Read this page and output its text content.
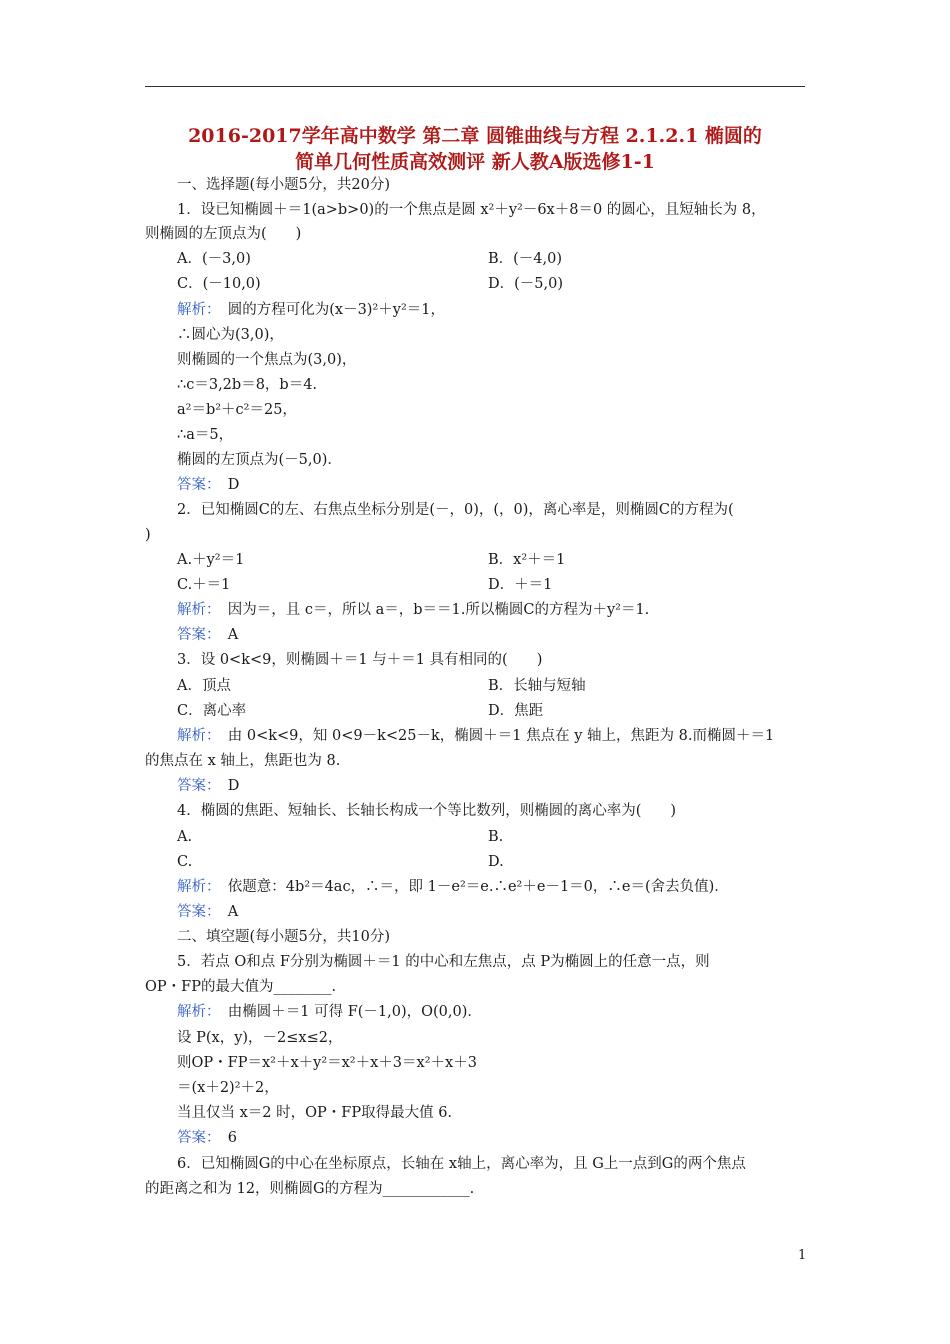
2016-2017学年高中数学 第二章 圆锥曲线与方程 2.1.2.1 椭圆的
简单几何性质高效测评 新人教A版选修1-1
一、选择题(每小题5分，共20分)
1．设已知椭圆＋＝1(a>b>0)的一个焦点是圆 x²＋y²－6x＋8＝0 的圆心，且短轴长为 8，
则椭圆的左顶点为(　　)
A．(－3,0)	B．(－4,0)
C．(－10,0)	D．(－5,0)
解析：　 圆的方程可化为(x－3)²＋y²＝1，
∴圆心为(3,0)，
则椭圆的一个焦点为(3,0)，
∴c＝3,2b＝8，b＝4.
a²＝b²＋c²＝25，
∴a＝5，
椭圆的左顶点为(－5,0)．
答案：　 D
2．已知椭圆C的左、右焦点坐标分别是(－，0)，(，0)，离心率是，则椭圆C的方程为(
)
A.＋y²＝1	B．x²＋＝1
C.＋＝1	D．＋＝1
解析：　 因为＝，且 c＝，所以 a＝，b＝＝1.所以椭圆C的方程为＋y²＝1.
答案：　 A
3．设 0<k<9，则椭圆＋＝1 与＋＝1 具有相同的(　　)
A．顶点	B．长轴与短轴
C．离心率	D．焦距
解析：　 由 0<k<9，知 0<9－k<25－k，椭圆＋＝1 焦点在 y 轴上，焦距为 8.而椭圆＋＝1
的焦点在 x 轴上，焦距也为 8.
答案：　 D
4．椭圆的焦距、短轴长、长轴长构成一个等比数列，则椭圆的离心率为(　　)
A.	B.
C.	D.
解析：　 依题意：4b²＝4ac，∴＝，即 1－e²＝e.∴e²＋e－1＝0，∴e＝(舍去负值)．
答案：　 A
二、填空题(每小题5分，共10分)
5．若点 O和点 F分别为椭圆＋＝1 的中心和左焦点，点 P为椭圆上的任意一点，则
OP・FP的最大值为________.
解析：　 由椭圆＋＝1 可得 F(－1,0)，O(0,0)．
设 P(x，y)，－2≤x≤2，
则OP・FP＝x²＋x＋y²＝x²＋x＋3＝x²＋x＋3
＝(x＋2)²＋2，
当且仅当 x＝2 时，OP・FP取得最大值 6.
答案：　 6
6．已知椭圆G的中心在坐标原点，长轴在 x轴上，离心率为，且 G上一点到G的两个焦点
的距离之和为 12，则椭圆G的方程为____________.
1
